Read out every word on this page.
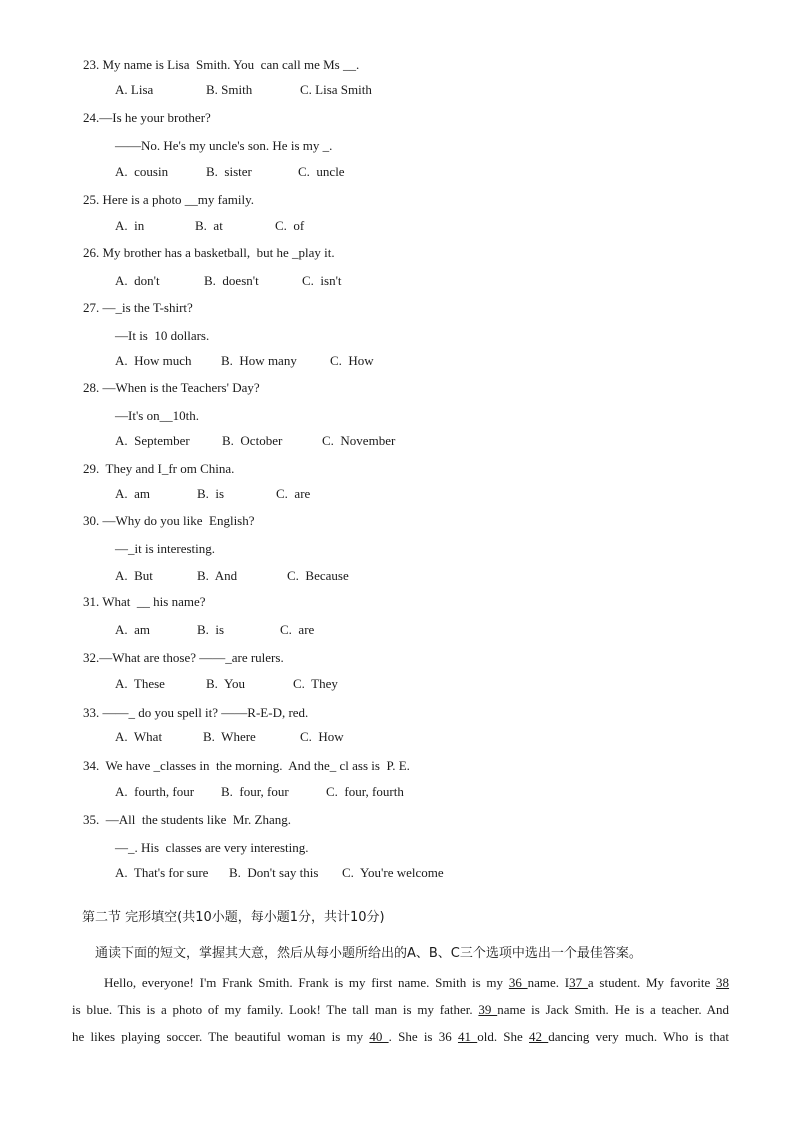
23. My name is Lisa  Smith. You  can call me Ms __.
A. Lisa	B. Smith	C. Lisa Smith
24.—Is he your brother?
——No. He's my uncle's son. He is my _.
A.  cousin	B.  sister	C.  uncle
25. Here is a photo __my family.
A.  in	B.  at	C.  of
26. My brother has a basketball,  but he _play it.
A.  don't	B.  doesn't	C.  isn't
27. —_is the T-shirt?
—It is  10 dollars.
A.  How much B.  How many	C.  How
28. —When is the Teachers' Day?
—It's on__10th.
A.  September B.  October	C.  November
29.  They and I_fr om China.
A.  am	B.  is	C.  are
30. —Why do you like  English?
—_it is interesting.
A.  But	B.  And	C.  Because
31. What  __ his name?
A.  am	B.  is	C.  are
32.—What are those? ——_are rulers.
A.  These	B.  You	C.  They
33. ——_ do you spell it? ——R-E-D, red.
A.  What	B.  Where	C.  How
34.  We have _classes in  the morning.  And the_ cl ass is  P. E.
A.  fourth, four B.  four, four	C.  four, fourth
35.  —All  the students like  Mr. Zhang.
—_. His  classes are very interesting.
A.  That's for sure B.  Don't say this C.  You're welcome
第二节 完形填空(共10小题，每小题1分，共计10分)
通读下面的短文，掌握其大意，然后从每小题所给出的A、B、C三个选项中选出一个最佳答案。
Hello, everyone! I'm Frank Smith. Frank is my first name. Smith is my 36 name. I37 a student. My favorite 38
is blue. This is a photo of my family. Look! The tall man is my father. 39 name is Jack Smith. He is a teacher. And
he likes playing soccer. The beautiful woman is my 40 . She is 36 41 old. She 42 dancing very much. Who is that
